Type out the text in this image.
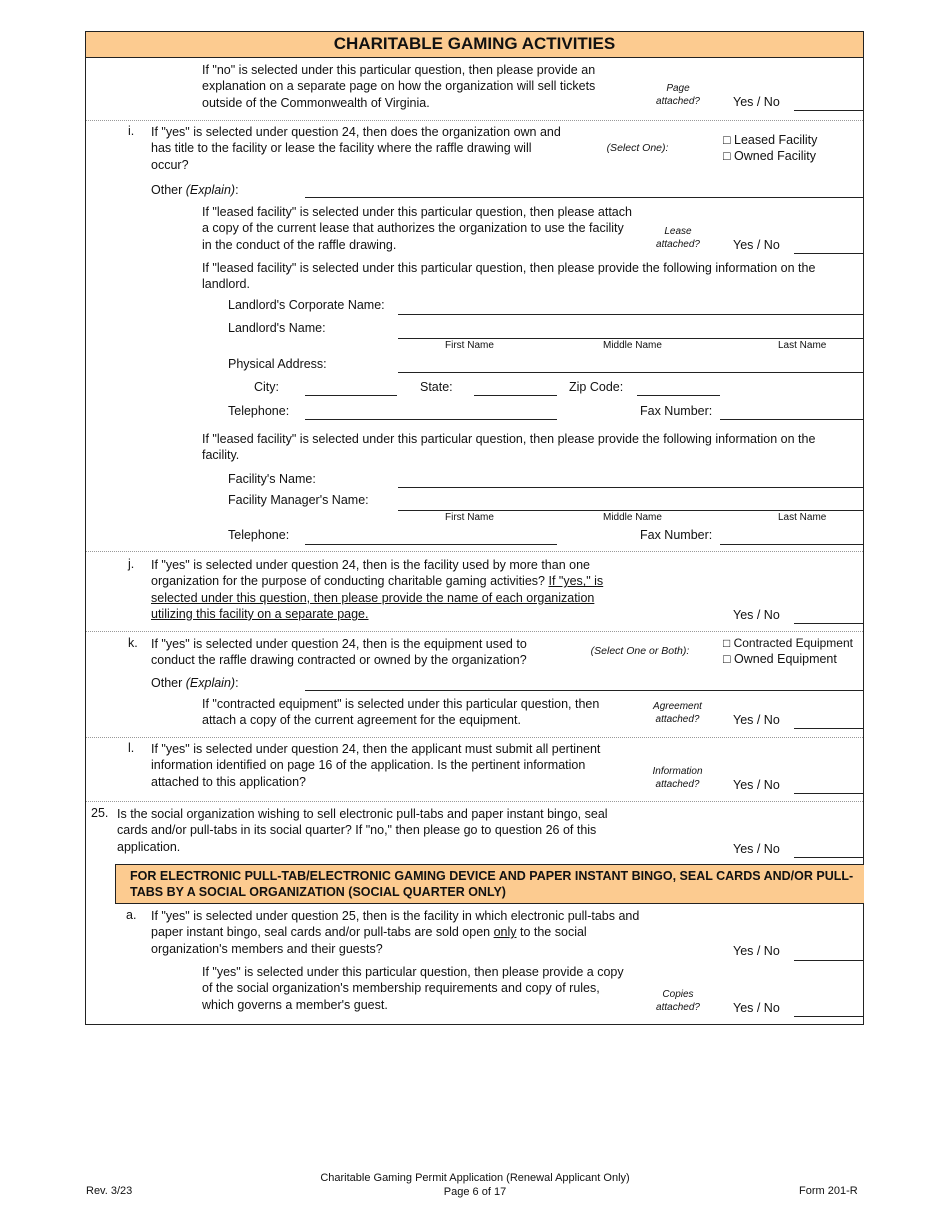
CHARITABLE GAMING ACTIVITIES
If "no" is selected under this particular question, then please provide an explanation on a separate page on how the organization will sell tickets outside of the Commonwealth of Virginia.
Page attached?	Yes / No
i. If "yes" is selected under question 24, then does the organization own and has title to the facility or lease the facility where the raffle drawing will occur?
(Select One):
□ Leased Facility
□ Owned Facility
Other (Explain):
If "leased facility" is selected under this particular question, then please attach a copy of the current lease that authorizes the organization to use the facility in the conduct of the raffle drawing.
Lease attached?	Yes / No
If "leased facility" is selected under this particular question, then please provide the following information on the landlord.
Landlord's Corporate Name:
Landlord's Name:
First Name	Middle Name	Last Name
Physical Address:
City:	State:	Zip Code:
Telephone:	Fax Number:
If "leased facility" is selected under this particular question, then please provide the following information on the facility.
Facility's Name:
Facility Manager's Name:
First Name	Middle Name	Last Name
Telephone:	Fax Number:
j. If "yes" is selected under question 24, then is the facility used by more than one organization for the purpose of conducting charitable gaming activities? If "yes," is selected under this question, then please provide the name of each organization utilizing this facility on a separate page.	Yes / No
k. If "yes" is selected under question 24, then is the equipment used to conduct the raffle drawing contracted or owned by the organization?
(Select One or Both):
□ Contracted Equipment
□ Owned Equipment
Other (Explain):
If "contracted equipment" is selected under this particular question, then attach a copy of the current agreement for the equipment.
Agreement attached?	Yes / No
l. If "yes" is selected under question 24, then the applicant must submit all pertinent information identified on page 16 of the application. Is the pertinent information attached to this application?
Information attached?	Yes / No
25. Is the social organization wishing to sell electronic pull-tabs and paper instant bingo, seal cards and/or pull-tabs in its social quarter? If "no," then please go to question 26 of this application.	Yes / No
FOR ELECTRONIC PULL-TAB/ELECTRONIC GAMING DEVICE AND PAPER INSTANT BINGO, SEAL CARDS AND/OR PULL-TABS BY A SOCIAL ORGANIZATION (SOCIAL QUARTER ONLY)
a. If "yes" is selected under question 25, then is the facility in which electronic pull-tabs and paper instant bingo, seal cards and/or pull-tabs are sold open only to the social organization's members and their guests?	Yes / No
If "yes" is selected under this particular question, then please provide a copy of the social organization's membership requirements and copy of rules, which governs a member's guest.
Copies attached?	Yes / No
Rev. 3/23
Charitable Gaming Permit Application (Renewal Applicant Only)
Page 6 of 17	Form 201-R
